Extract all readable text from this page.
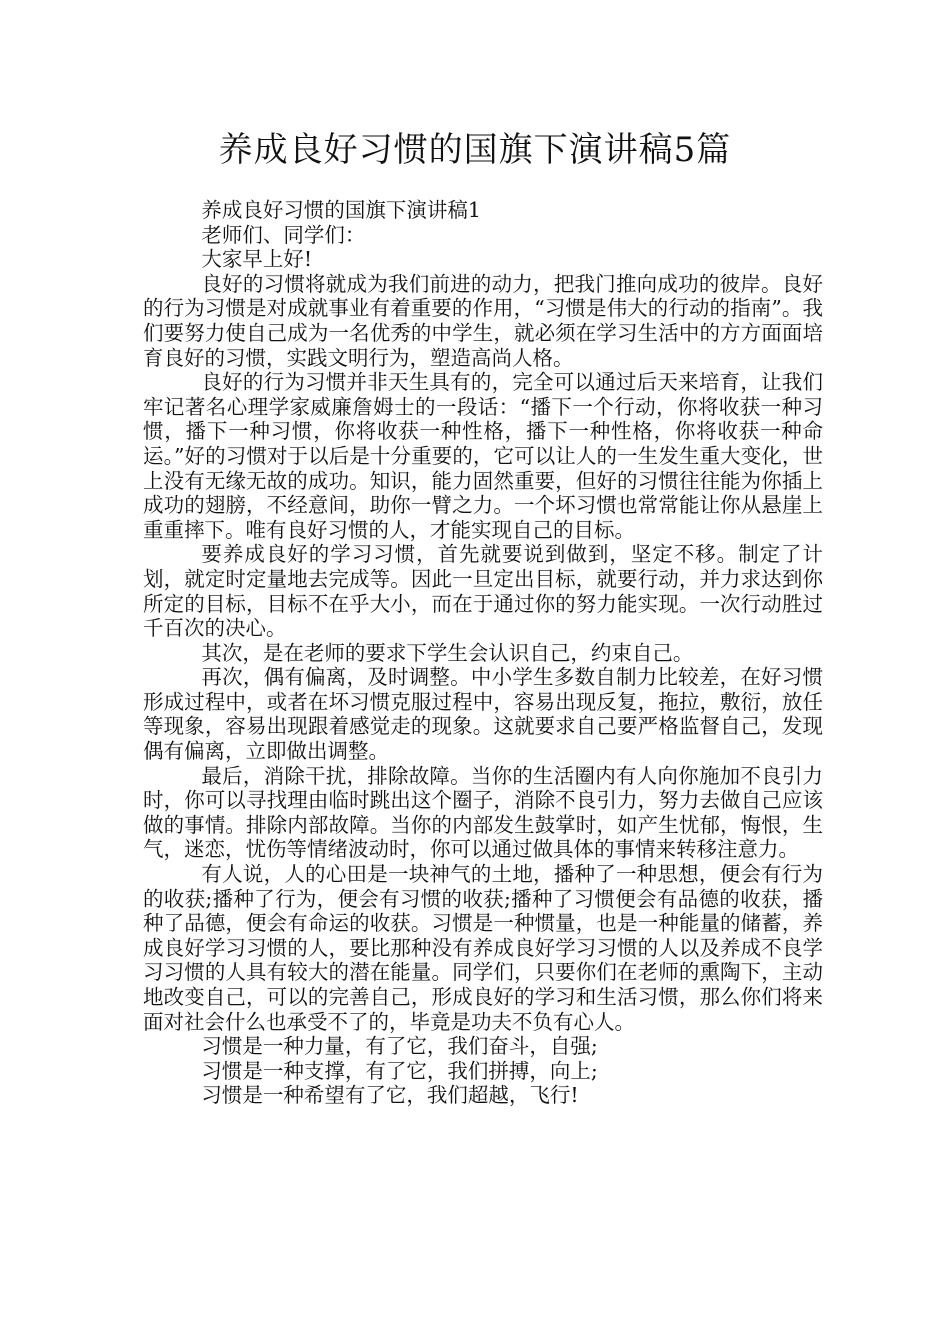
养成良好习惯的国旗下演讲稿5篇

养成良好习惯的国旗下演讲稿1

老师们、同学们：

大家早上好!

良好的习惯将就成为我们前进的动力，把我门推向成功的彼岸。良好的行为习惯是对成就事业有着重要的作用，“习惯是伟大的行动的指南”。我们要努力使自己成为一名优秀的中学生，就必须在学习生活中的方方面面培育良好的习惯，实践文明行为，塑造高尚人格。

良好的行为习惯并非天生具有的，完全可以通过后天来培育，让我们牢记著名心理学家威廉詹姆士的一段话：“播下一个行动，你将收获一种习惯，播下一种习惯，你将收获一种性格，播下一种性格，你将收获一种命运。”好的习惯对于以后是十分重要的，它可以让人的一生发生重大变化，世上没有无缘无故的成功。知识，能力固然重要，但好的习惯往往能为你插上成功的翅膀，不经意间，助你一臂之力。一个坏习惯也常常能让你从悬崖上重重摔下。唯有良好习惯的人，才能实现自己的目标。

要养成良好的学习习惯，首先就要说到做到，坚定不移。制定了计划，就定时定量地去完成等。因此一旦定出目标，就要行动，并力求达到你所定的目标，目标不在乎大小，而在于通过你的努力能实现。一次行动胜过千百次的决心。

其次，是在老师的要求下学生会认识自己，约束自己。

再次，偶有偏离，及时调整。中小学生多数自制力比较差，在好习惯形成过程中，或者在坏习惯克服过程中，容易出现反复，拖拉，敷衍，放任等现象，容易出现跟着感觉走的现象。这就要求自己要严格监督自己，发现偶有偏离，立即做出调整。

最后，消除干扰，排除故障。当你的生活圈内有人向你施加不良引力时，你可以寻找理由临时跳出这个圈子，消除不良引力，努力去做自己应该做的事情。排除内部故障。当你的内部发生鼓掌时，如产生忧郁，悔恨，生气，迷恋，忧伤等情绪波动时，你可以通过做具体的事情来转移注意力。

有人说，人的心田是一块神气的土地，播种了一种思想，便会有行为的收获;播种了行为，便会有习惯的收获;播种了习惯便会有品德的收获，播种了品德，便会有命运的收获。习惯是一种惯量，也是一种能量的储蓄，养成良好学习习惯的人，要比那种没有养成良好学习习惯的人以及养成不良学习习惯的人具有较大的潜在能量。同学们，只要你们在老师的熏陶下，主动地改变自己，可以的完善自己，形成良好的学习和生活习惯，那么你们将来面对社会什么也承受不了的，毕竟是功夫不负有心人。

习惯是一种力量，有了它，我们奋斗，自强;

习惯是一种支撑，有了它，我们拼搏，向上;

习惯是一种希望有了它，我们超越，飞行!
